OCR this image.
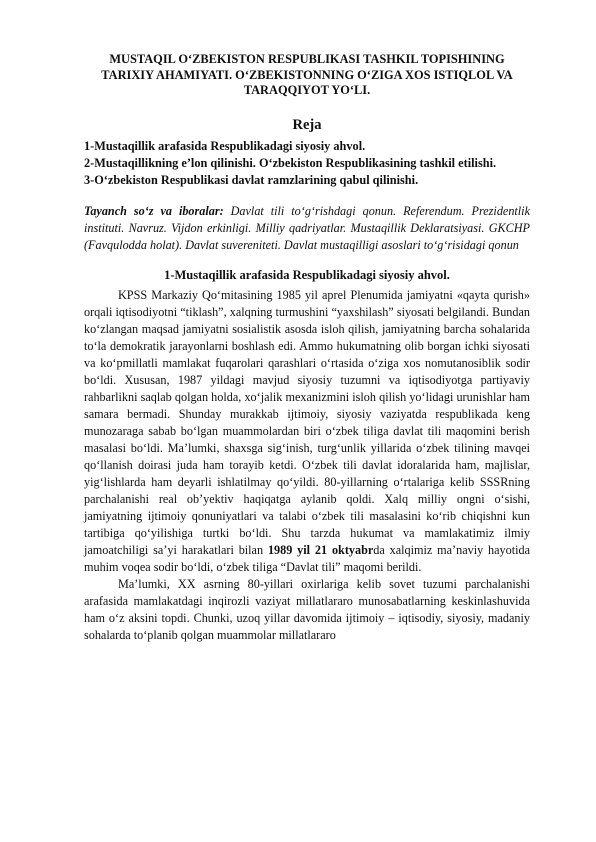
MUSTAQIL O‘ZBEKISTON RESPUBLIKASI TASHKIL TOPISHINING TARIXIY AHAMIYATI. O‘ZBEKISTONNING O‘ZIGA XOS ISTIQLOL VA TARAQQIYOT YO‘LI.

Reja
1-Mustaqillik arafasida Respublikadagi siyosiy ahvol.
2-Mustaqillikning e’lon qilinishi. O‘zbekiston Respublikasining tashkil etilishi.
3-O‘zbekiston Respublikasi davlat ramzlarining qabul qilinishi.

Tayanch so‘z va iboralar: Davlat tili to‘g‘rishdagi qonun. Referendum. Prezidentlik instituti. Navruz. Vijdon erkinligi. Milliy qadriyatlar. Mustaqillik Deklaratsiyasi. GKCHP (Favqulodda holat). Davlat suvereniteti. Davlat mustaqilligi asoslari to‘g‘risidagi qonun

1-Mustaqillik arafasida Respublikadagi siyosiy ahvol.

KPSS Markaziy Qo‘mitasining 1985 yil aprel Plenumida jamiyatni «qayta qurish» orqali iqtisodiyotni “tiklash”, xalqning turmushini “yaxshilash” siyosati belgilandi. Bundan ko‘zlangan maqsad jamiyatni sosialistik asosda isloh qilish, jamiyatning barcha sohalarida to‘la demokratik jarayonlarni boshlash edi. Ammo hukumatning olib borgan ichki siyosati va ko‘pmillatli mamlakat fuqarolari qarashlari o‘rtasida o‘ziga xos nomutanosiblik sodir bo‘ldi. Xususan, 1987 yildagi mavjud siyosiy tuzumni va iqtisodiyotga partiyaviy rahbarlikni saqlab qolgan holda, xo‘jalik mexanizmini isloh qilish yo‘lidagi urunishlar ham samara bermadi. Shunday murakkab ijtimoiy, siyosiy vaziyatda respublikada keng munozaraga sabab bo‘lgan muammolardan biri o‘zbek tiliga davlat tili maqomini berish masalasi bo‘ldi. Ma’lumki, shaxsga sig‘inish, turg‘unlik yillarida o‘zbek tilining mavqei qo‘llanish doirasi juda ham torayib ketdi. O‘zbek tili davlat idoralarida ham, majlislar, yig‘lishlarda ham deyarli ishlatilmay qo‘yildi. 80-yillarning o‘rtalariga kelib SSSRning parchalanishi real ob’yektiv haqiqatga aylanib qoldi. Xalq milliy ongni o‘sishi, jamiyatning ijtimoiy qonuniyatlari va talabi o‘zbek tili masalasini ko‘rib chiqishni kun tartibiga qo‘yilishiga turtki bo‘ldi. Shu tarzda hukumat va mamlakatimiz ilmiy jamoatchiligi sa’yi harakatlari bilan 1989 yil 21 oktyabrda xalqimiz ma’naviy hayotida muhim voqea sodir bo‘ldi, o‘zbek tiliga “Davlat tili” maqomi berildi.

Ma’lumki, XX asrning 80-yillari oxirlariga kelib sovet tuzumi parchalanishi arafasida mamlakatdagi inqirozli vaziyat millatlararo munosabatlarning keskinlashuvida ham o‘z aksini topdi. Chunki, uzoq yillar davomida ijtimoiy – iqtisodiy, siyosiy, madaniy sohalarda to‘planib qolgan muammolar millatlararo
